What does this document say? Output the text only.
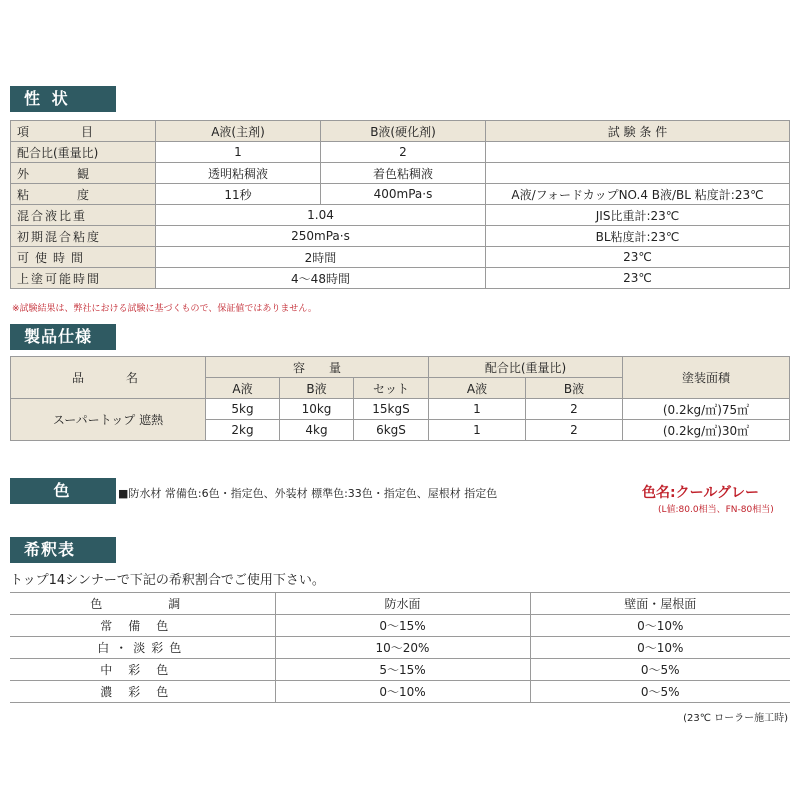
性 状
項　　　目	A液(主剤)	B液(硬化剤)	試 験 条 件
配合比(重量比)	1	2	
外　　観	透明粘稠液	着色粘稠液	
粘　　度	11秒	400mPa·s	A液/フォードカップNO.4 B液/BL 粘度計:23℃
混合液比重	1.04		JIS比重計:23℃
初期混合粘度	250mPa·s		BL粘度計:23℃
可使時間	2時間		23℃
上塗可能時間	4～48時間		23℃
※試験結果は、弊社における試験に基づくもので、保証値ではありません。
製品仕様
品　　名	容　　量			配合比(重量比)		塗装面積
	A液	B液	セット	A液	B液	
スーパートップ 遮熱	5kg	10kg	15kgS	1	2	(0.2kg/㎡)75㎡
	2kg	4kg	6kgS	1	2	(0.2kg/㎡)30㎡
色	■防水材 常備色:6色・指定色、外装材 標準色:33色・指定色、屋根材 指定色	色名:クールグレー
(L値:80.0相当、FN-80相当)
希釈表
トップ14シンナーで下記の希釈割合でご使用下さい。
色　　調	防水面	壁面・屋根面
常備色	0～15%	0～10%
白・淡彩色	10～20%	0～10%
中彩色	5～15%	0～5%
濃彩色	0～10%	0～5%
(23℃ ローラー施工時)
